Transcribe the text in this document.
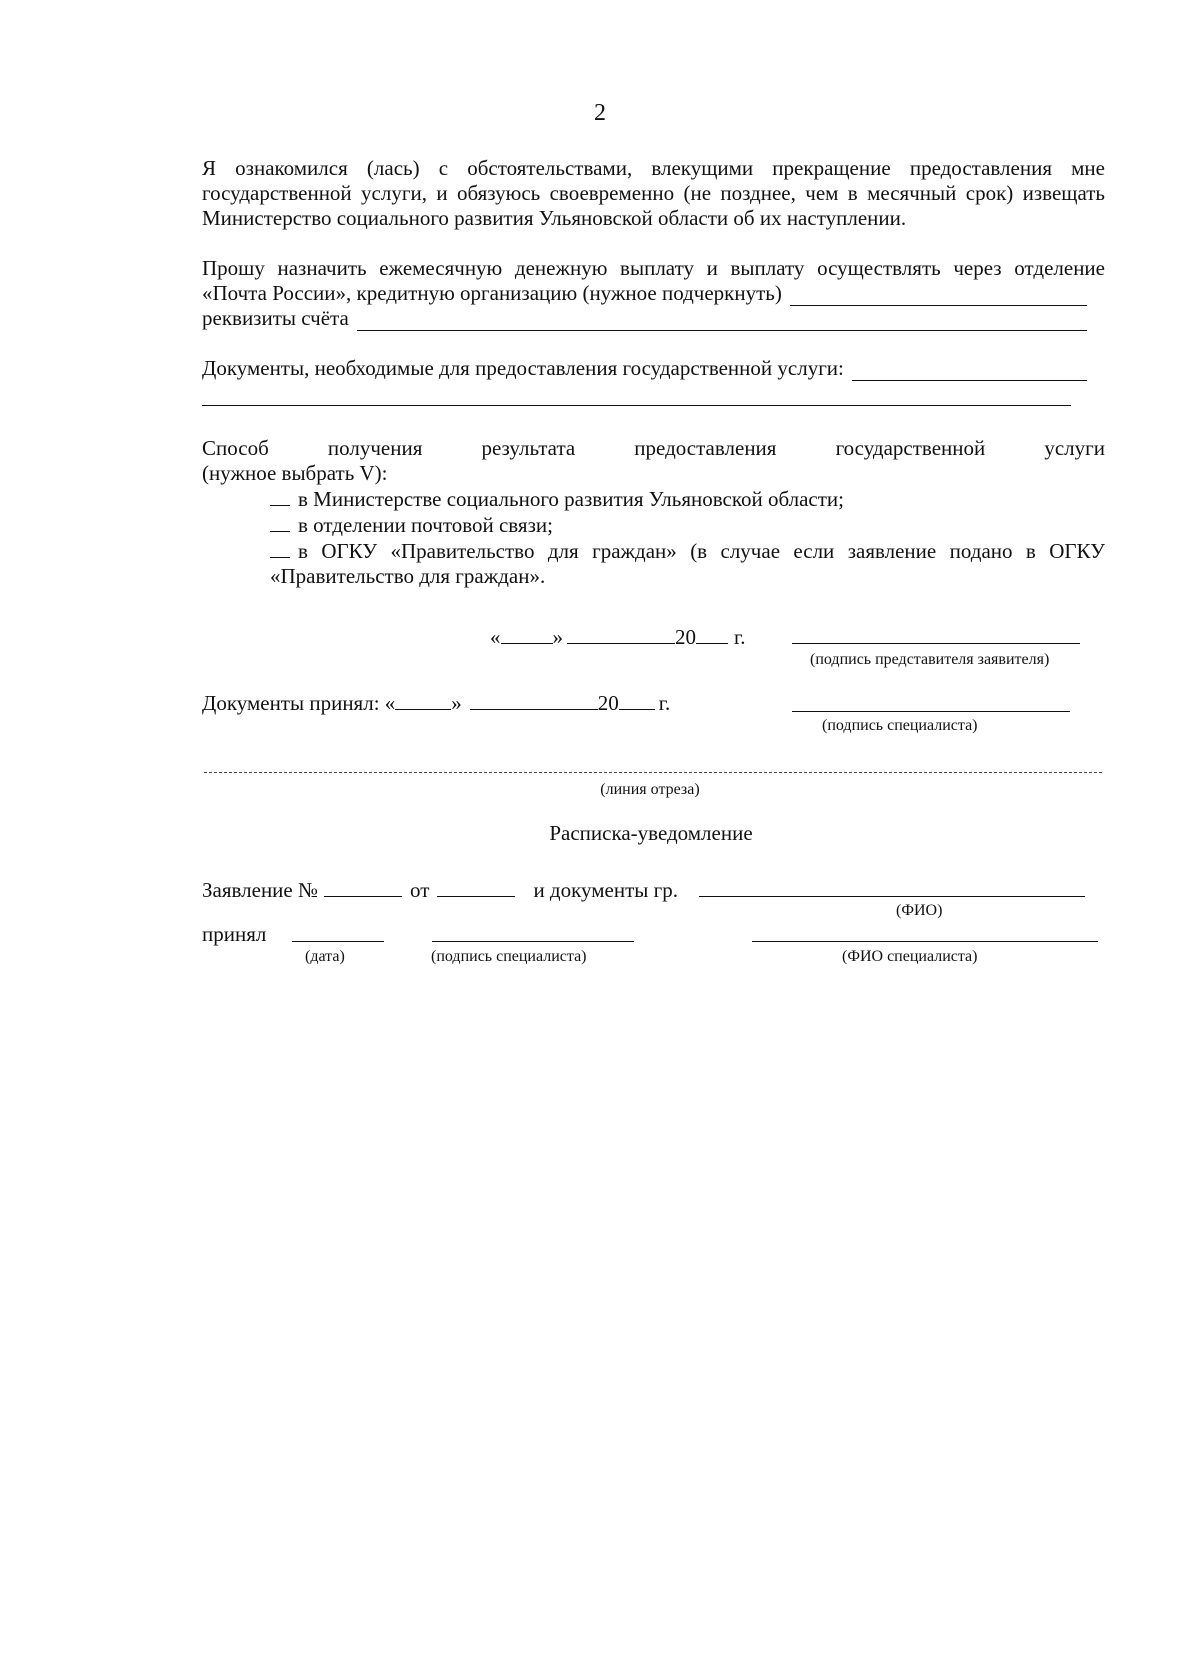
2

Я ознакомился (лась) с обстоятельствами, влекущими прекращение предоставления мне государственной услуги, и обязуюсь своевременно (не позднее, чем в месячный срок) извещать Министерство социального развития Ульяновской области об их наступлении.

Прошу назначить ежемесячную денежную выплату и выплату осуществлять через отделение

«Почта России», кредитную организацию (нужное подчеркнуть)
реквизиты счёта
Документы, необходимые для предоставления государственной услуги:

Способ получения результата предоставления государственной услуги

(нужное выбрать V):

в Министерстве социального развития Ульяновской области;

в отделении почтовой связи;

в ОГКУ «Правительство для граждан» (в случае если заявление подано в ОГКУ «Правительство для граждан».

« »	20 г.
(подпись представителя заявителя)
Документы принял: «	»	20 г.
(подпись специалиста)
(линия отреза)
Расписка-уведомление
Заявление №	от	и документы гр.
(ФИО)
принял
(дата)	(подпись специалиста)	(ФИО специалиста)
